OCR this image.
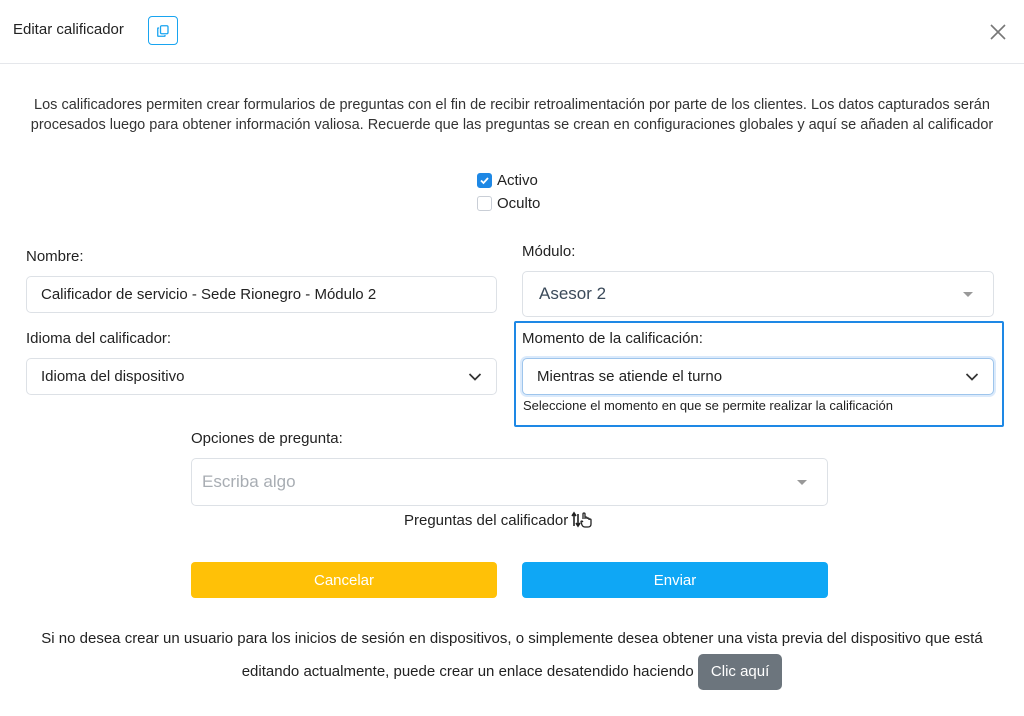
Editar calificador
Los calificadores permiten crear formularios de preguntas con el fin de recibir retroalimentación por parte de los clientes. Los datos capturados serán procesados luego para obtener información valiosa. Recuerde que las preguntas se crean en configuraciones globales y aquí se añaden al calificador
Activo
Oculto
Nombre:
Calificador de servicio - Sede Rionegro - Módulo 2
Módulo:
Asesor 2
Idioma del calificador:
Idioma del dispositivo
Momento de la calificación:
Mientras se atiende el turno
Seleccione el momento en que se permite realizar la calificación
Opciones de pregunta:
Escriba algo
Preguntas del calificador
Cancelar	Enviar
Si no desea crear un usuario para los inicios de sesión en dispositivos, o simplemente desea obtener una vista previa del dispositivo que está editando actualmente, puede crear un enlace desatendido haciendo Clic aquí
